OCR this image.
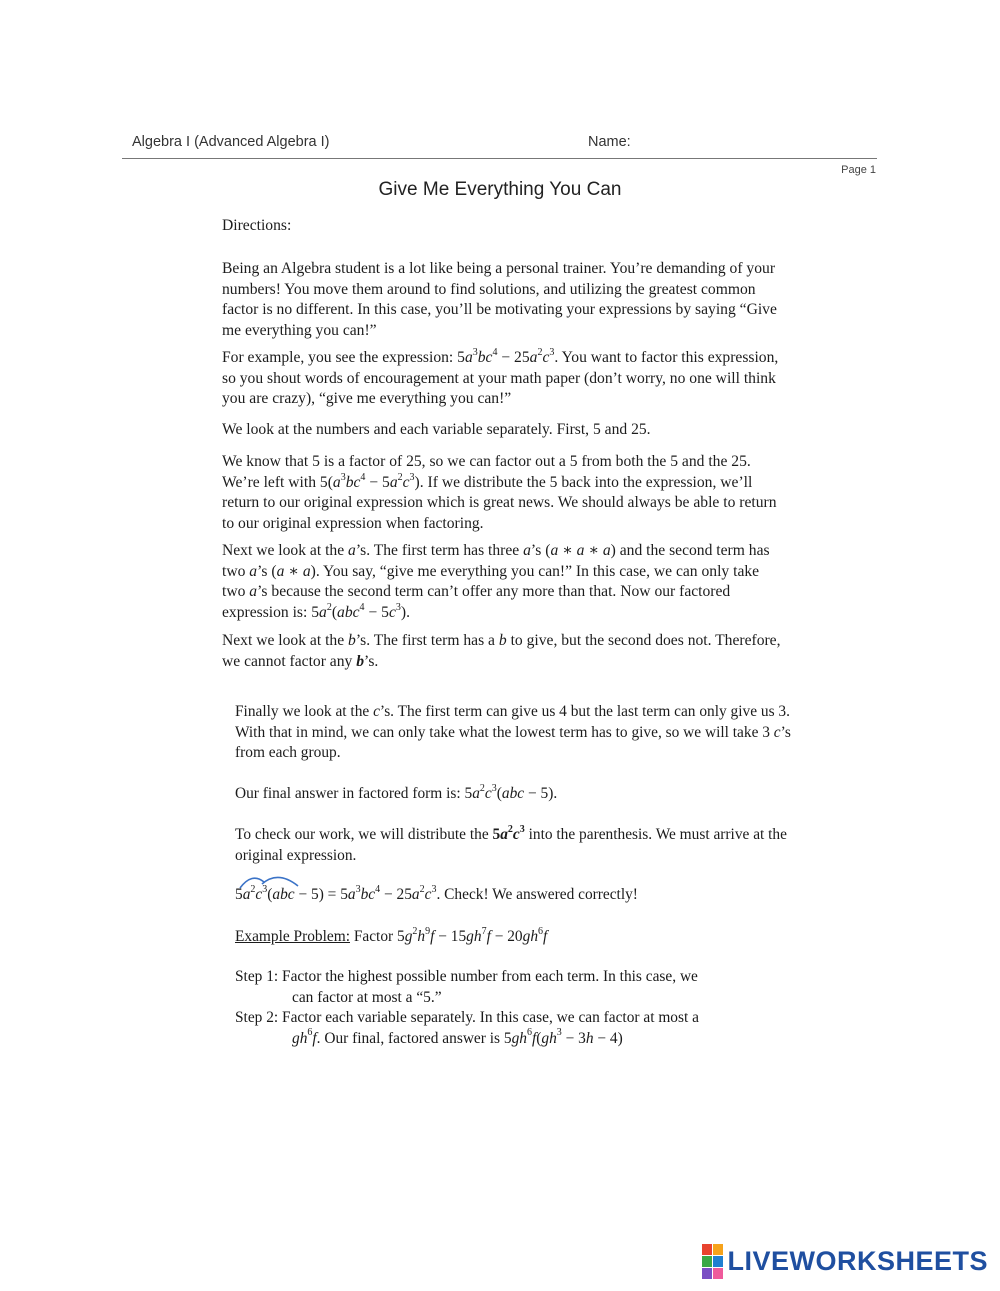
Algebra I (Advanced Algebra I)	Name:
Page 1
Give Me Everything You Can

Directions:

Being an Algebra student is a lot like being a personal trainer. You’re demanding of your numbers! You move them around to find solutions, and utilizing the greatest common factor is no different. In this case, you’ll be motivating your expressions by saying “Give me everything you can!”

For example, you see the expression: $5a^3bc^4 - 25a^2c^3$. You want to factor this expression, so you shout words of encouragement at your math paper (don’t worry, no one will think you are crazy), “give me everything you can!”

We look at the numbers and each variable separately. First, 5 and 25.

We know that 5 is a factor of 25, so we can factor out a 5 from both the 5 and the 25. We’re left with $5(a^3bc^4 - 5a^2c^3)$. If we distribute the 5 back into the expression, we’ll return to our original expression which is great news. We should always be able to return to our original expression when factoring.

Next we look at the a’s. The first term has three a’s (a ∗ a ∗ a) and the second term has two a’s (a ∗ a). You say, “give me everything you can!” In this case, we can only take two a’s because the second term can’t offer any more than that. Now our factored expression is: $5a^2(abc^4 - 5c^3)$.

Next we look at the b’s. The first term has a b to give, but the second does not. Therefore, we cannot factor any b’s.

Finally we look at the c’s. The first term can give us 4 but the last term can only give us 3. With that in mind, we can only take what the lowest term has to give, so we will take 3 c’s from each group.

Our final answer in factored form is: $5a^2c^3(abc - 5)$.

To check our work, we will distribute the $5a^2c^3$ into the parenthesis. We must arrive at the original expression.

$5a^2c^3(abc - 5) = 5a^3bc^4 - 25a^2c^3$. Check! We answered correctly!

Example Problem: Factor $5g^2h^9f - 15gh^7f - 20gh^6f$

Step 1: Factor the highest possible number from each term. In this case, we
can factor at most a “5.”
Step 2: Factor each variable separately. In this case, we can factor at most a
$gh^6f$. Our final, factored answer is $5gh^6f(gh^3 - 3h - 4)$
LIVEWORKSHEETS
